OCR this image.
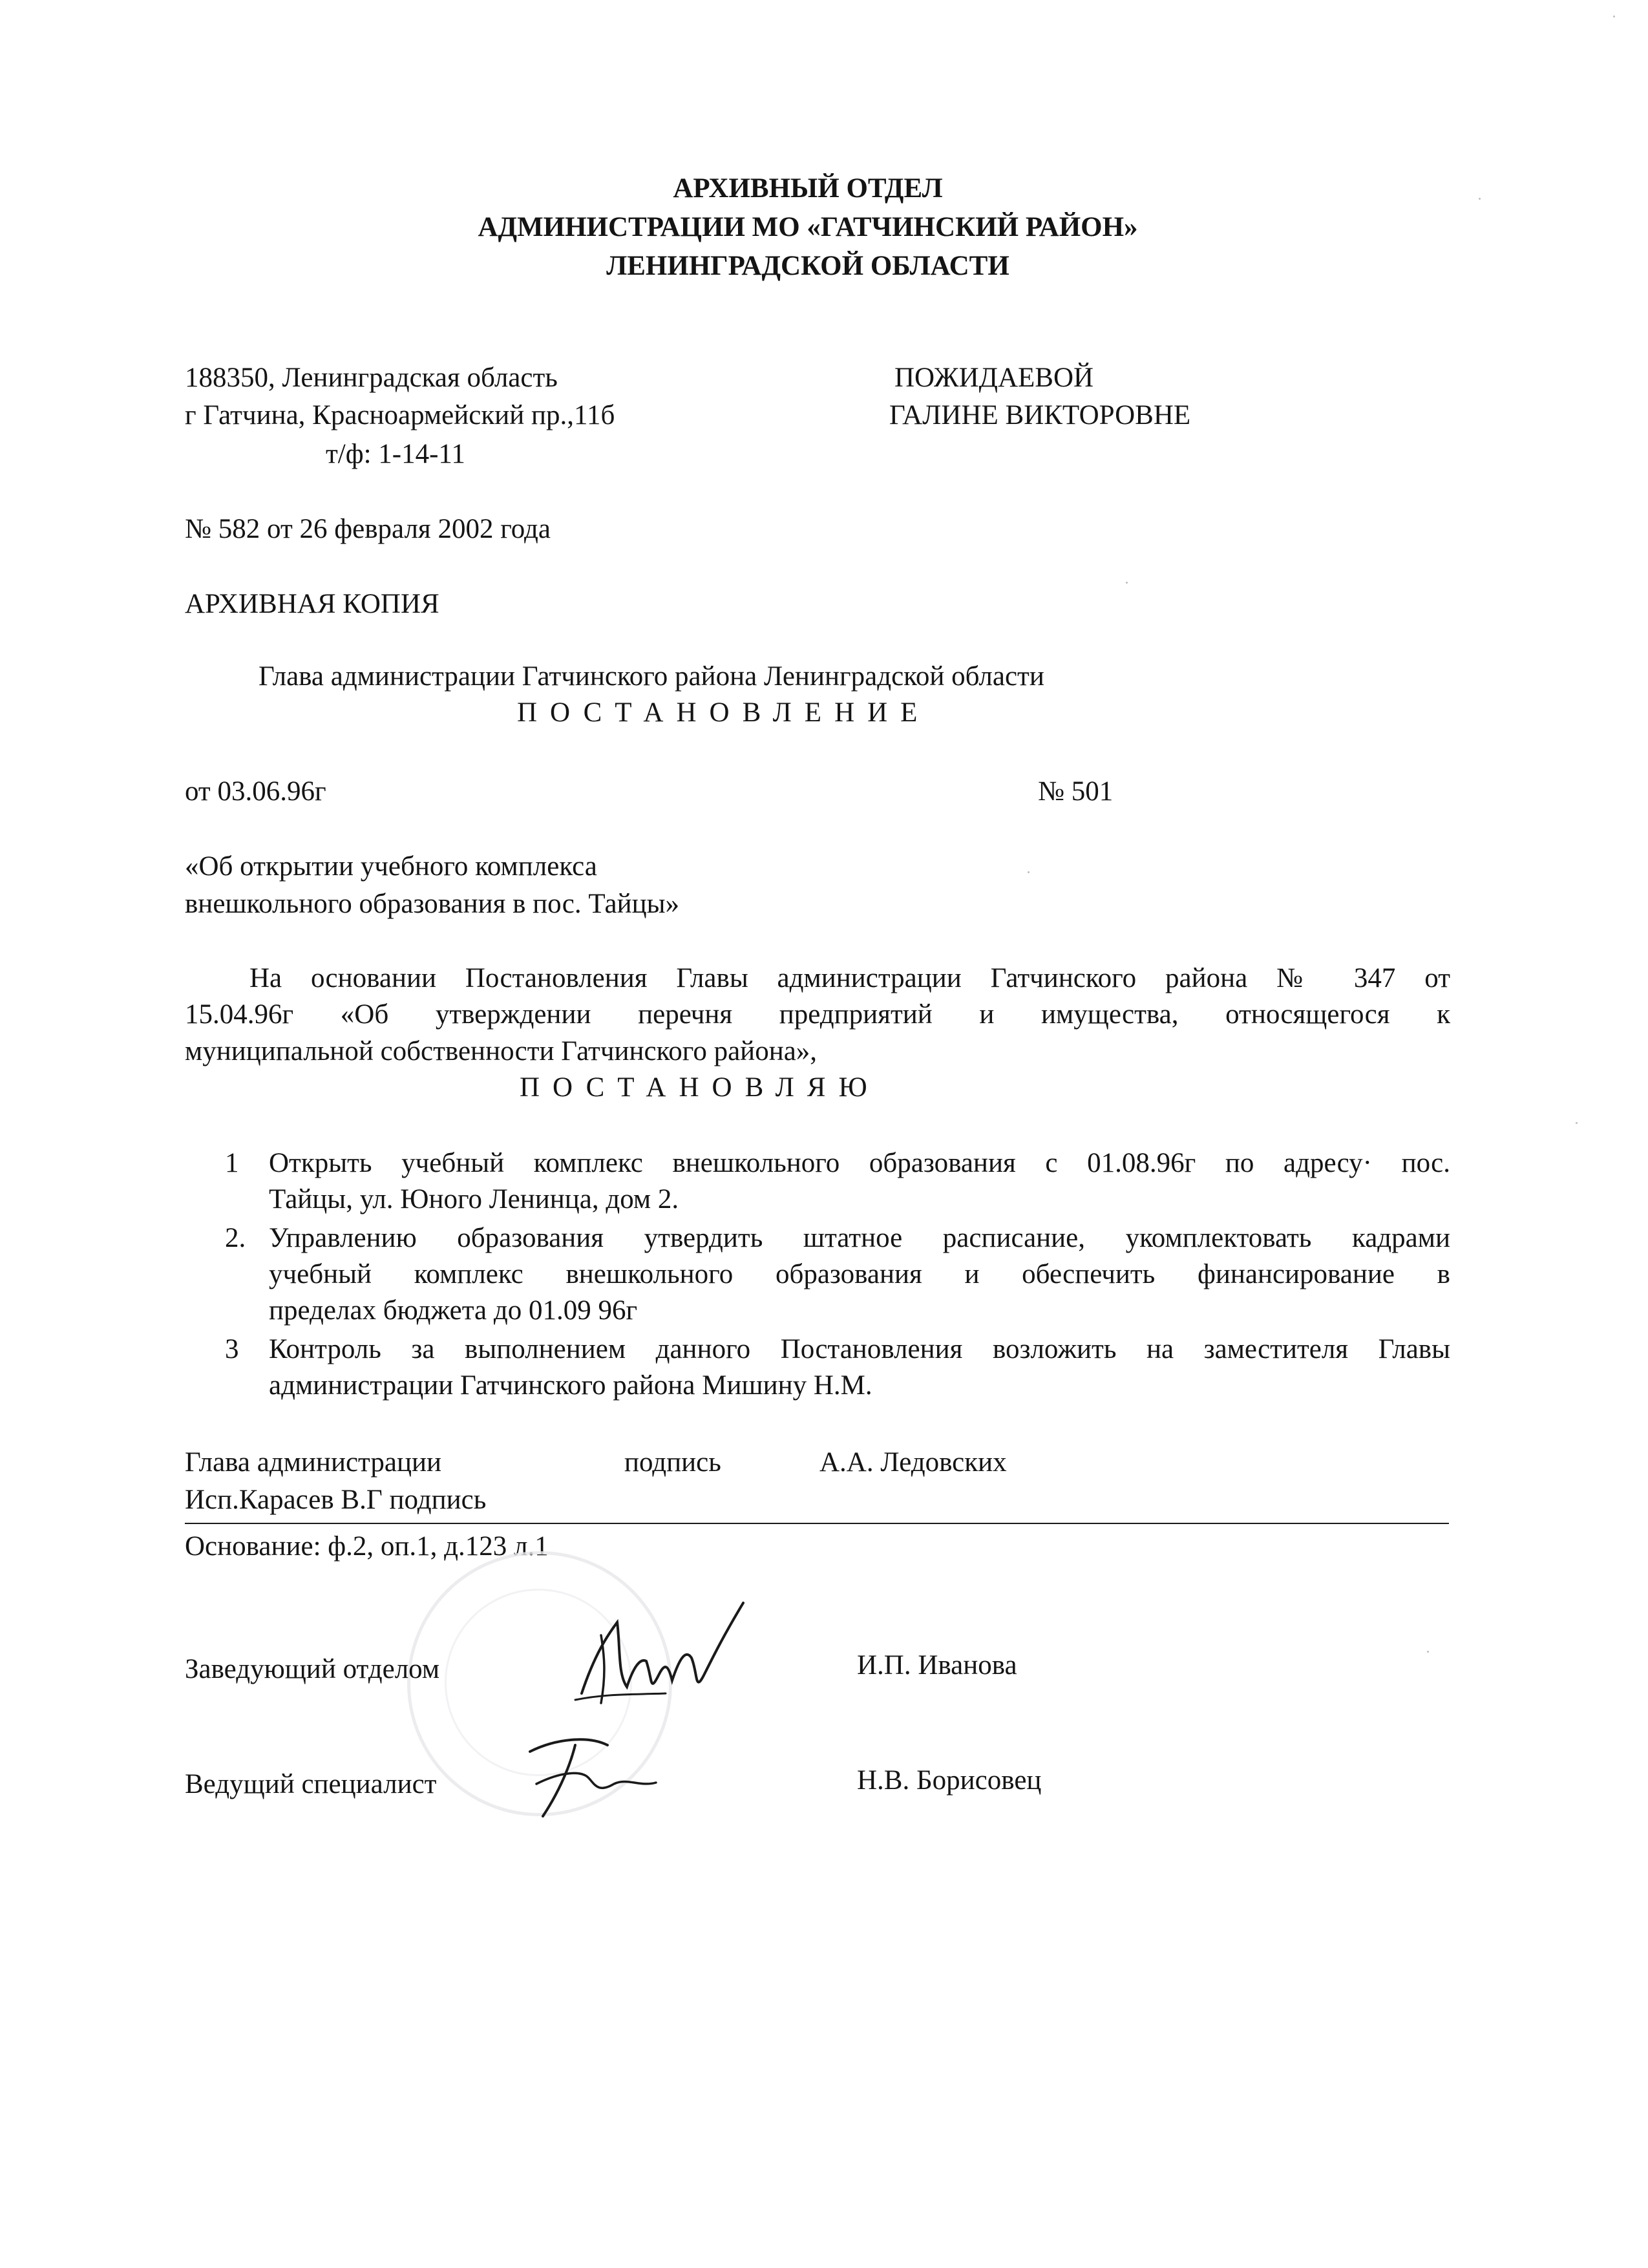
АРХИВНЫЙ ОТДЕЛ
АДМИНИСТРАЦИИ МО «ГАТЧИНСКИЙ РАЙОН»
ЛЕНИНГРАДСКОЙ ОБЛАСТИ
188350, Ленинградская область
г Гатчина, Красноармейский пр.,11б
т/ф: 1-14-11
ПОЖИДАЕВОЙ
ГАЛИНЕ ВИКТОРОВНЕ
№ 582 от 26 февраля 2002 года
АРХИВНАЯ КОПИЯ
Глава администрации Гатчинского района Ленинградской области
ПОСТАНОВЛЕНИЕ
от 03.06.96г	№ 501
«Об открытии учебного комплекса
внешкольного образования в пос. Тайцы»
На основании Постановления Главы администрации Гатчинского района № 347 от
15.04.96г «Об утверждении перечня предприятий и имущества, относящегося к
муниципальной собственности Гатчинского района»,
ПОСТАНОВЛЯЮ
1 Открыть учебный комплекс внешкольного образования с 01.08.96г по адресу· пос.
Тайцы, ул. Юного Ленинца, дом 2.
2. Управлению образования утвердить штатное расписание, укомплектовать кадрами
учебный комплекс внешкольного образования и обеспечить финансирование в
пределах бюджета до 01.09 96г
3 Контроль за выполнением данного Постановления возложить на заместителя Главы
администрации Гатчинского района Мишину Н.М.
Глава администрации	подпись	А.А. Ледовских
Исп.Карасев В.Г подпись
Основание: ф.2, оп.1, д.123 л.1
Заведующий отделом	И.П. Иванова
Ведущий специалист	Н.В. Борисовец
